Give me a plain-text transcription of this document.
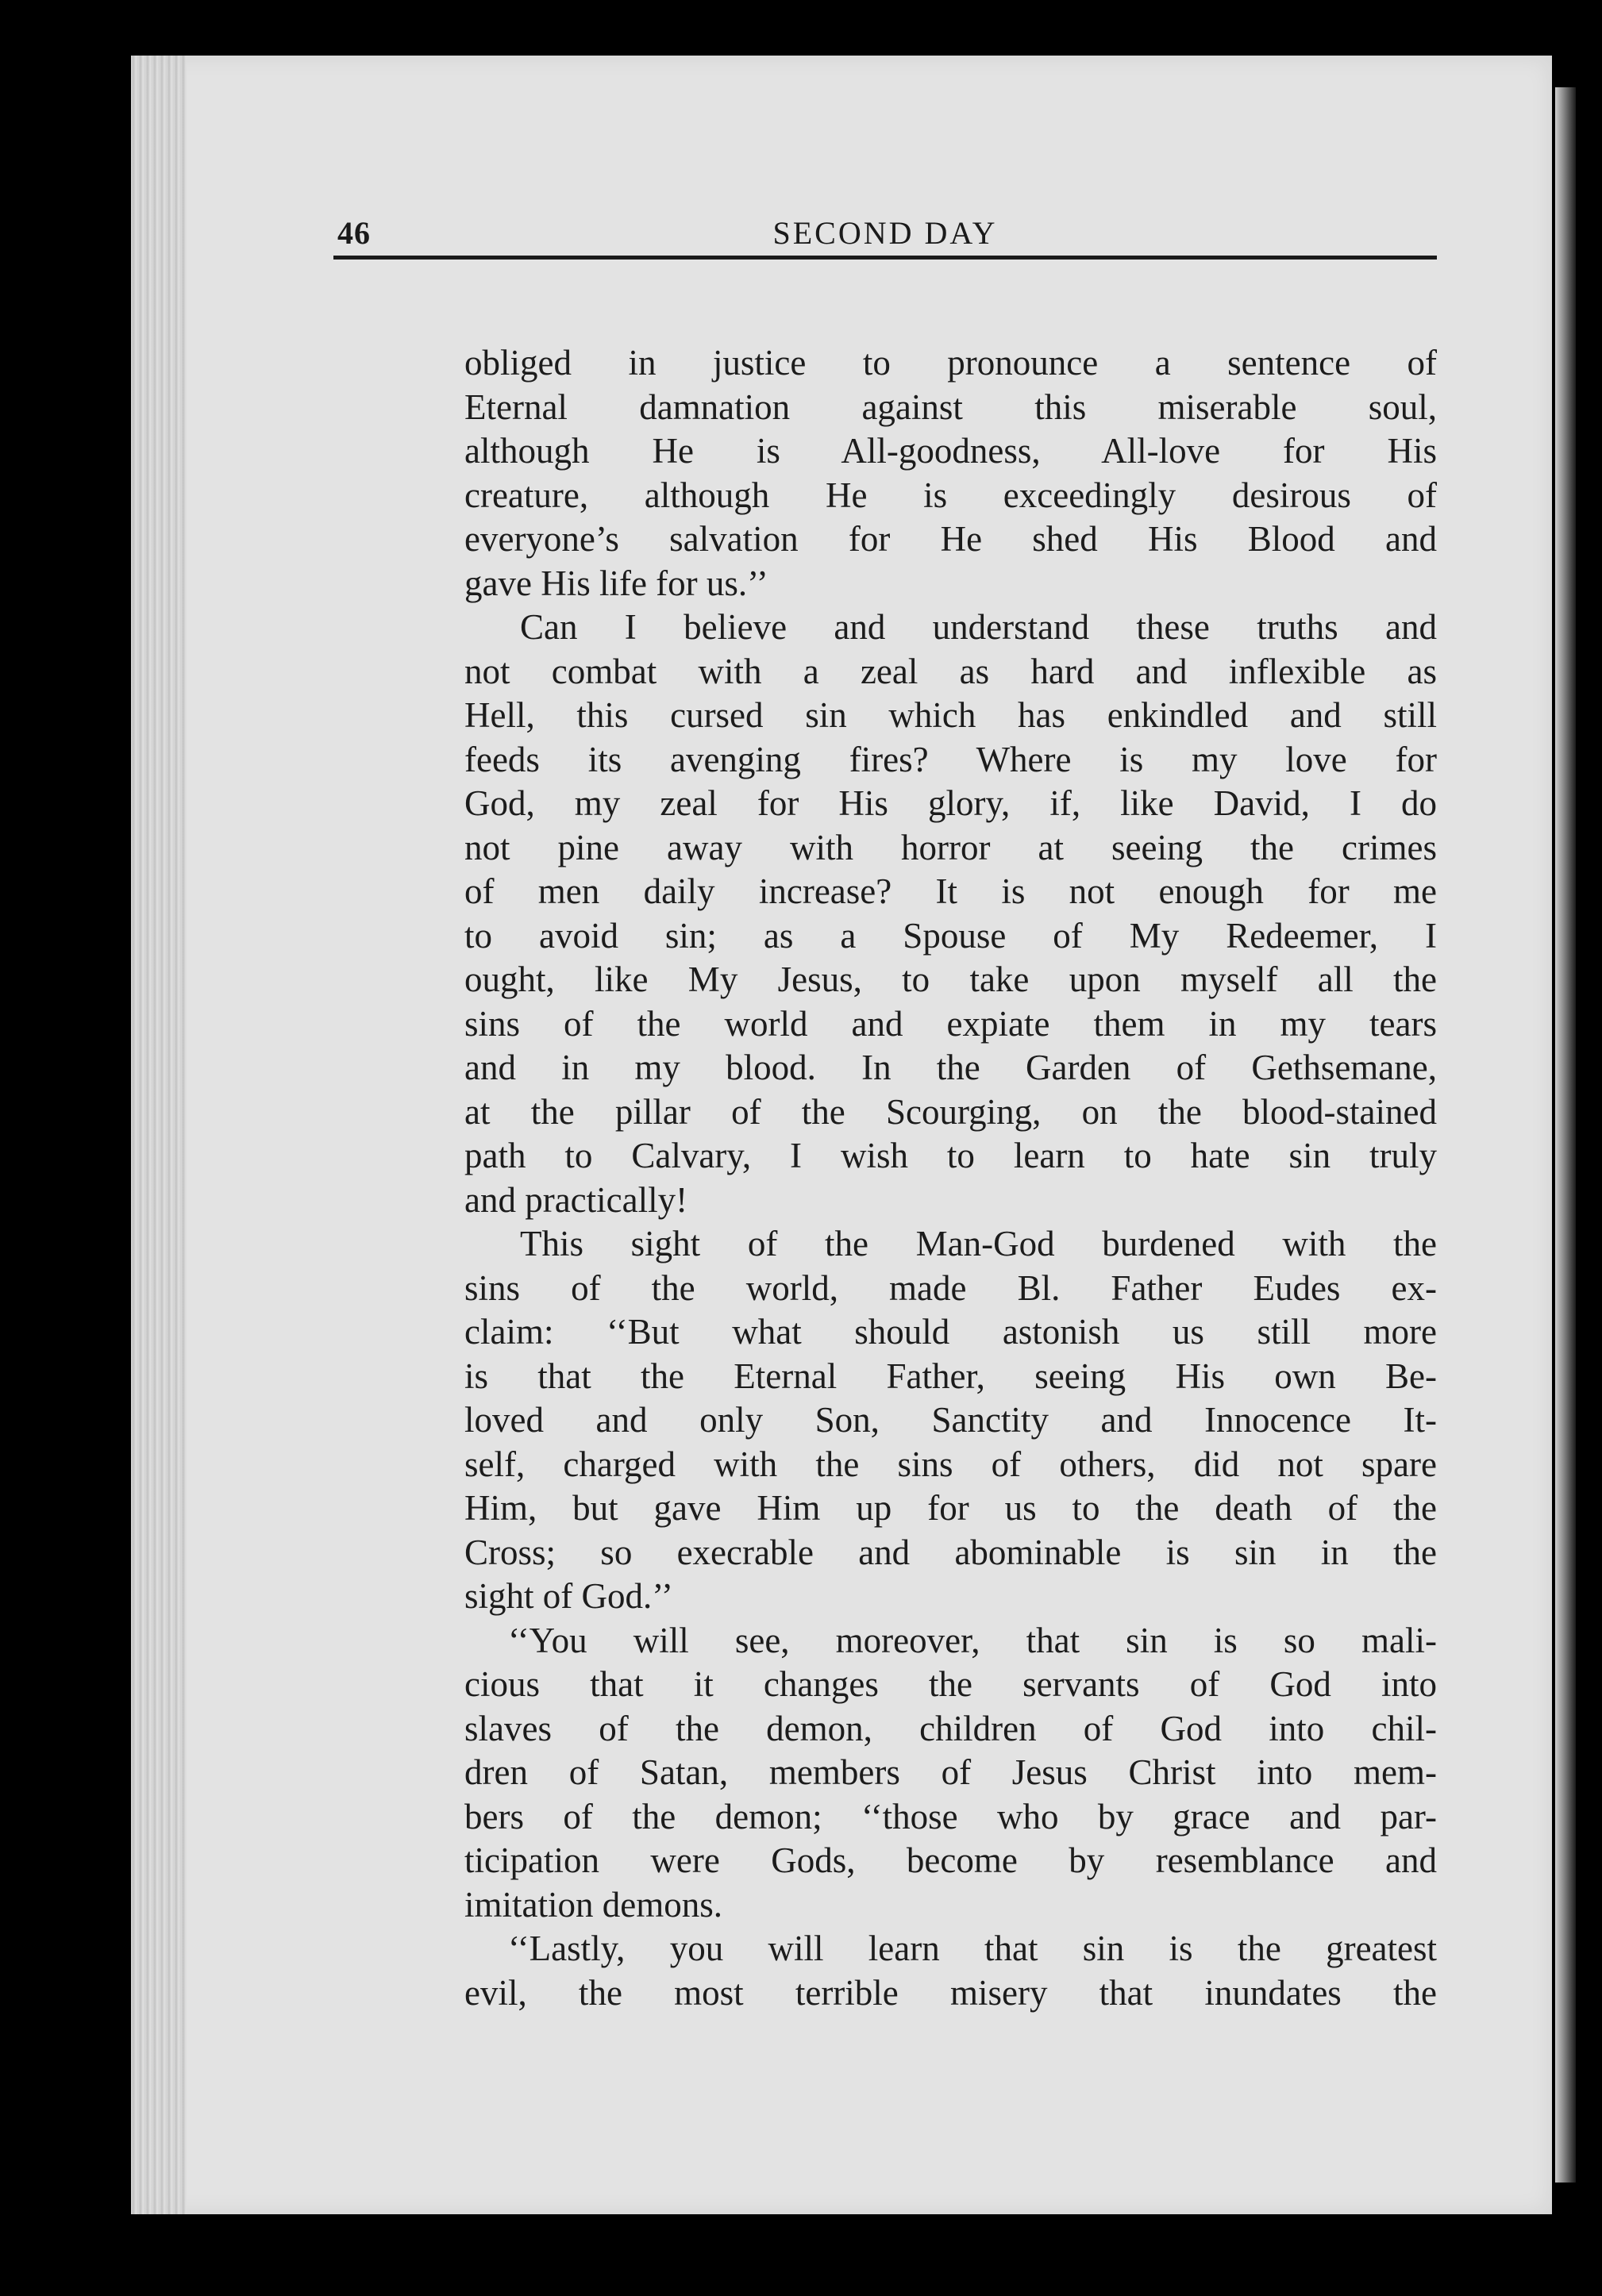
46	SECOND DAY
obliged in justice to pronounce a sentence of
Eternal damnation against this miserable soul,
although He is All-goodness, All-love for His
creature, although He is exceedingly desirous of
everyone’s salvation for He shed His Blood and
gave His life for us.’’
Can I believe and understand these truths and
not combat with a zeal as hard and inflexible as
Hell, this cursed sin which has enkindled and still
feeds its avenging fires? Where is my love for
God, my zeal for His glory, if, like David, I do
not pine away with horror at seeing the crimes
of men daily increase? It is not enough for me
to avoid sin; as a Spouse of My Redeemer, I
ought, like My Jesus, to take upon myself all the
sins of the world and expiate them in my tears
and in my blood. In the Garden of Gethsemane,
at the pillar of the Scourging, on the blood-stained
path to Calvary, I wish to learn to hate sin truly
and practically!
This sight of the Man-God burdened with the
sins of the world, made Bl. Father Eudes ex-
claim: ‘‘But what should astonish us still more
is that the Eternal Father, seeing His own Be-
loved and only Son, Sanctity and Innocence It-
self, charged with the sins of others, did not spare
Him, but gave Him up for us to the death of the
Cross; so execrable and abominable is sin in the
sight of God.’’
‘‘You will see, moreover, that sin is so mali-
cious that it changes the servants of God into
slaves of the demon, children of God into chil-
dren of Satan, members of Jesus Christ into mem-
bers of the demon; ‘‘those who by grace and par-
ticipation were Gods, become by resemblance and
imitation demons.
‘‘Lastly, you will learn that sin is the greatest
evil, the most terrible misery that inundates the
